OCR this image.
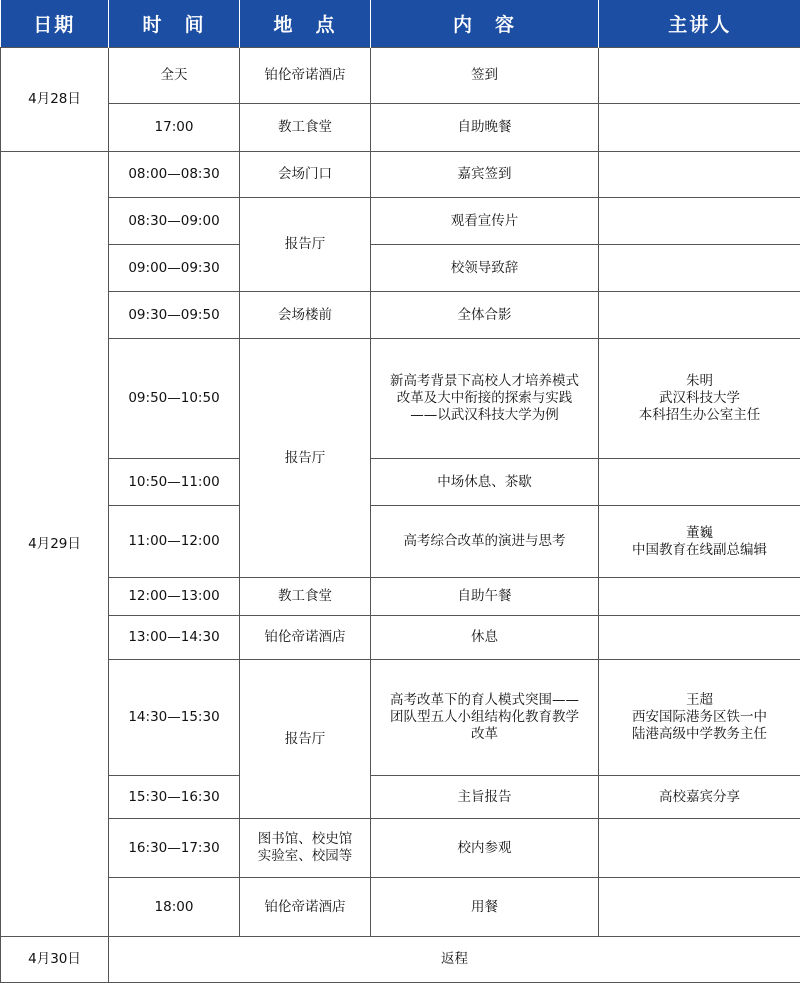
日期	时　间	地　点	内　容	主讲人
4月28日	全天	铂伦帝诺酒店	签到	
	17:00	教工食堂	自助晚餐	
4月29日	08:00—08:30	会场门口	嘉宾签到	
	08:30—09:00	报告厅	观看宣传片	
	09:00—09:30		校领导致辞	
	09:30—09:50	会场楼前	全体合影	
	09:50—10:50	报告厅	新高考背景下高校人才培养模式
改革及大中衔接的探索与实践
——以武汉科技大学为例	朱明
武汉科技大学
本科招生办公室主任
	10:50—11:00		中场休息、茶歇	
	11:00—12:00		高考综合改革的演进与思考	董巍
中国教育在线副总编辑
	12:00—13:00	教工食堂	自助午餐	
	13:00—14:30	铂伦帝诺酒店	休息	
	14:30—15:30	报告厅	高考改革下的育人模式突围——
团队型五人小组结构化教育教学
改革	王超
西安国际港务区铁一中
陆港高级中学教务主任
	15:30—16:30		主旨报告	高校嘉宾分享
	16:30—17:30	图书馆、校史馆
实验室、校园等	校内参观	
	18:00	铂伦帝诺酒店	用餐	
4月30日	返程			
